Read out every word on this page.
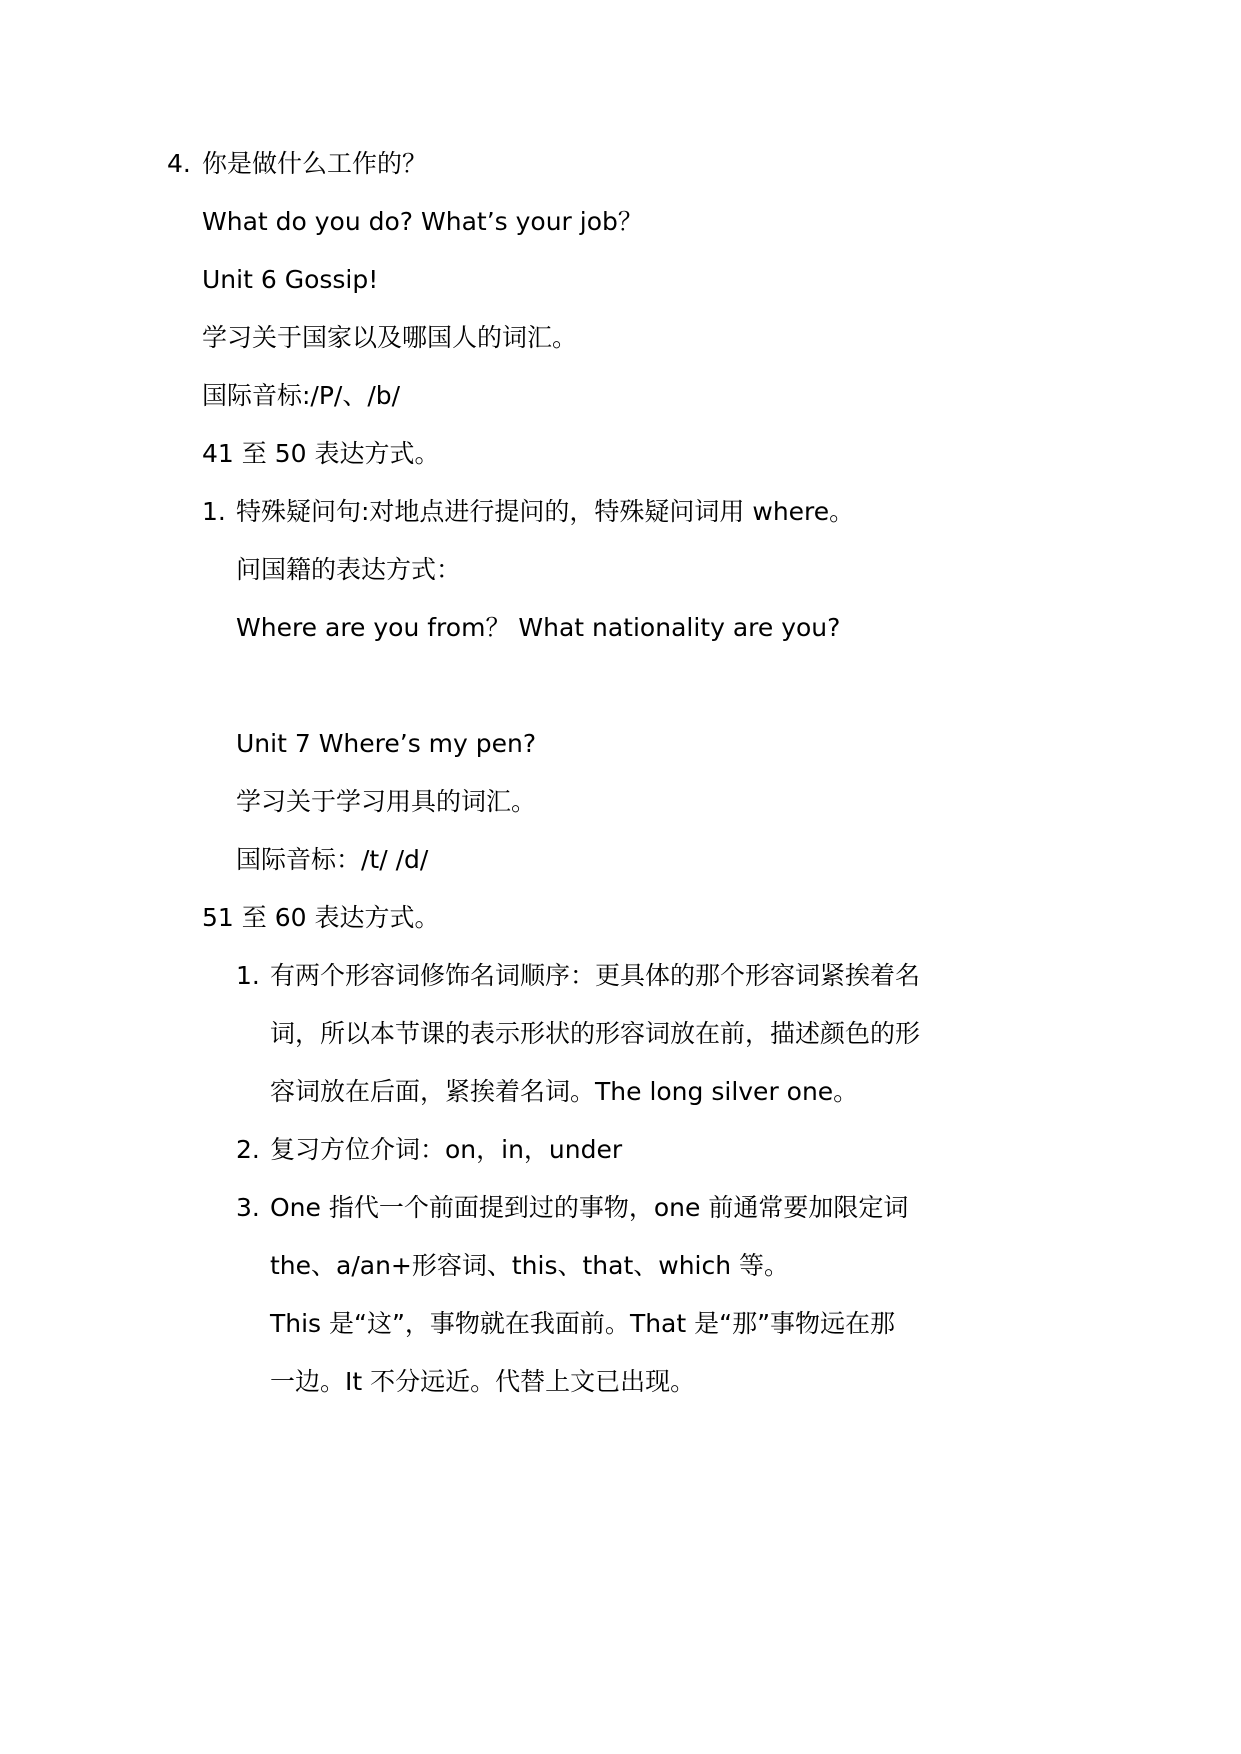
4. 你是做什么工作的？
What do you do? What’s your job？
Unit 6 Gossip!
学习关于国家以及哪国人的词汇。
国际音标:/P/、/b/
41 至 50 表达方式。
1. 特殊疑问句:对地点进行提问的，特殊疑问词用 where。
问国籍的表达方式：
Where are you from？ What nationality are you?
Unit 7 Where’s my pen?
学习关于学习用具的词汇。
国际音标：/t/ /d/
51 至 60 表达方式。
1. 有两个形容词修饰名词顺序：更具体的那个形容词紧挨着名
词，所以本节课的表示形状的形容词放在前，描述颜色的形
容词放在后面，紧挨着名词。The long silver one。
2. 复习方位介词：on，in，under
3. One 指代一个前面提到过的事物，one 前通常要加限定词
the、a/an+形容词、this、that、which 等。
This 是“这”，事物就在我面前。That 是“那”事物远在那
一边。It 不分远近。代替上文已出现。
